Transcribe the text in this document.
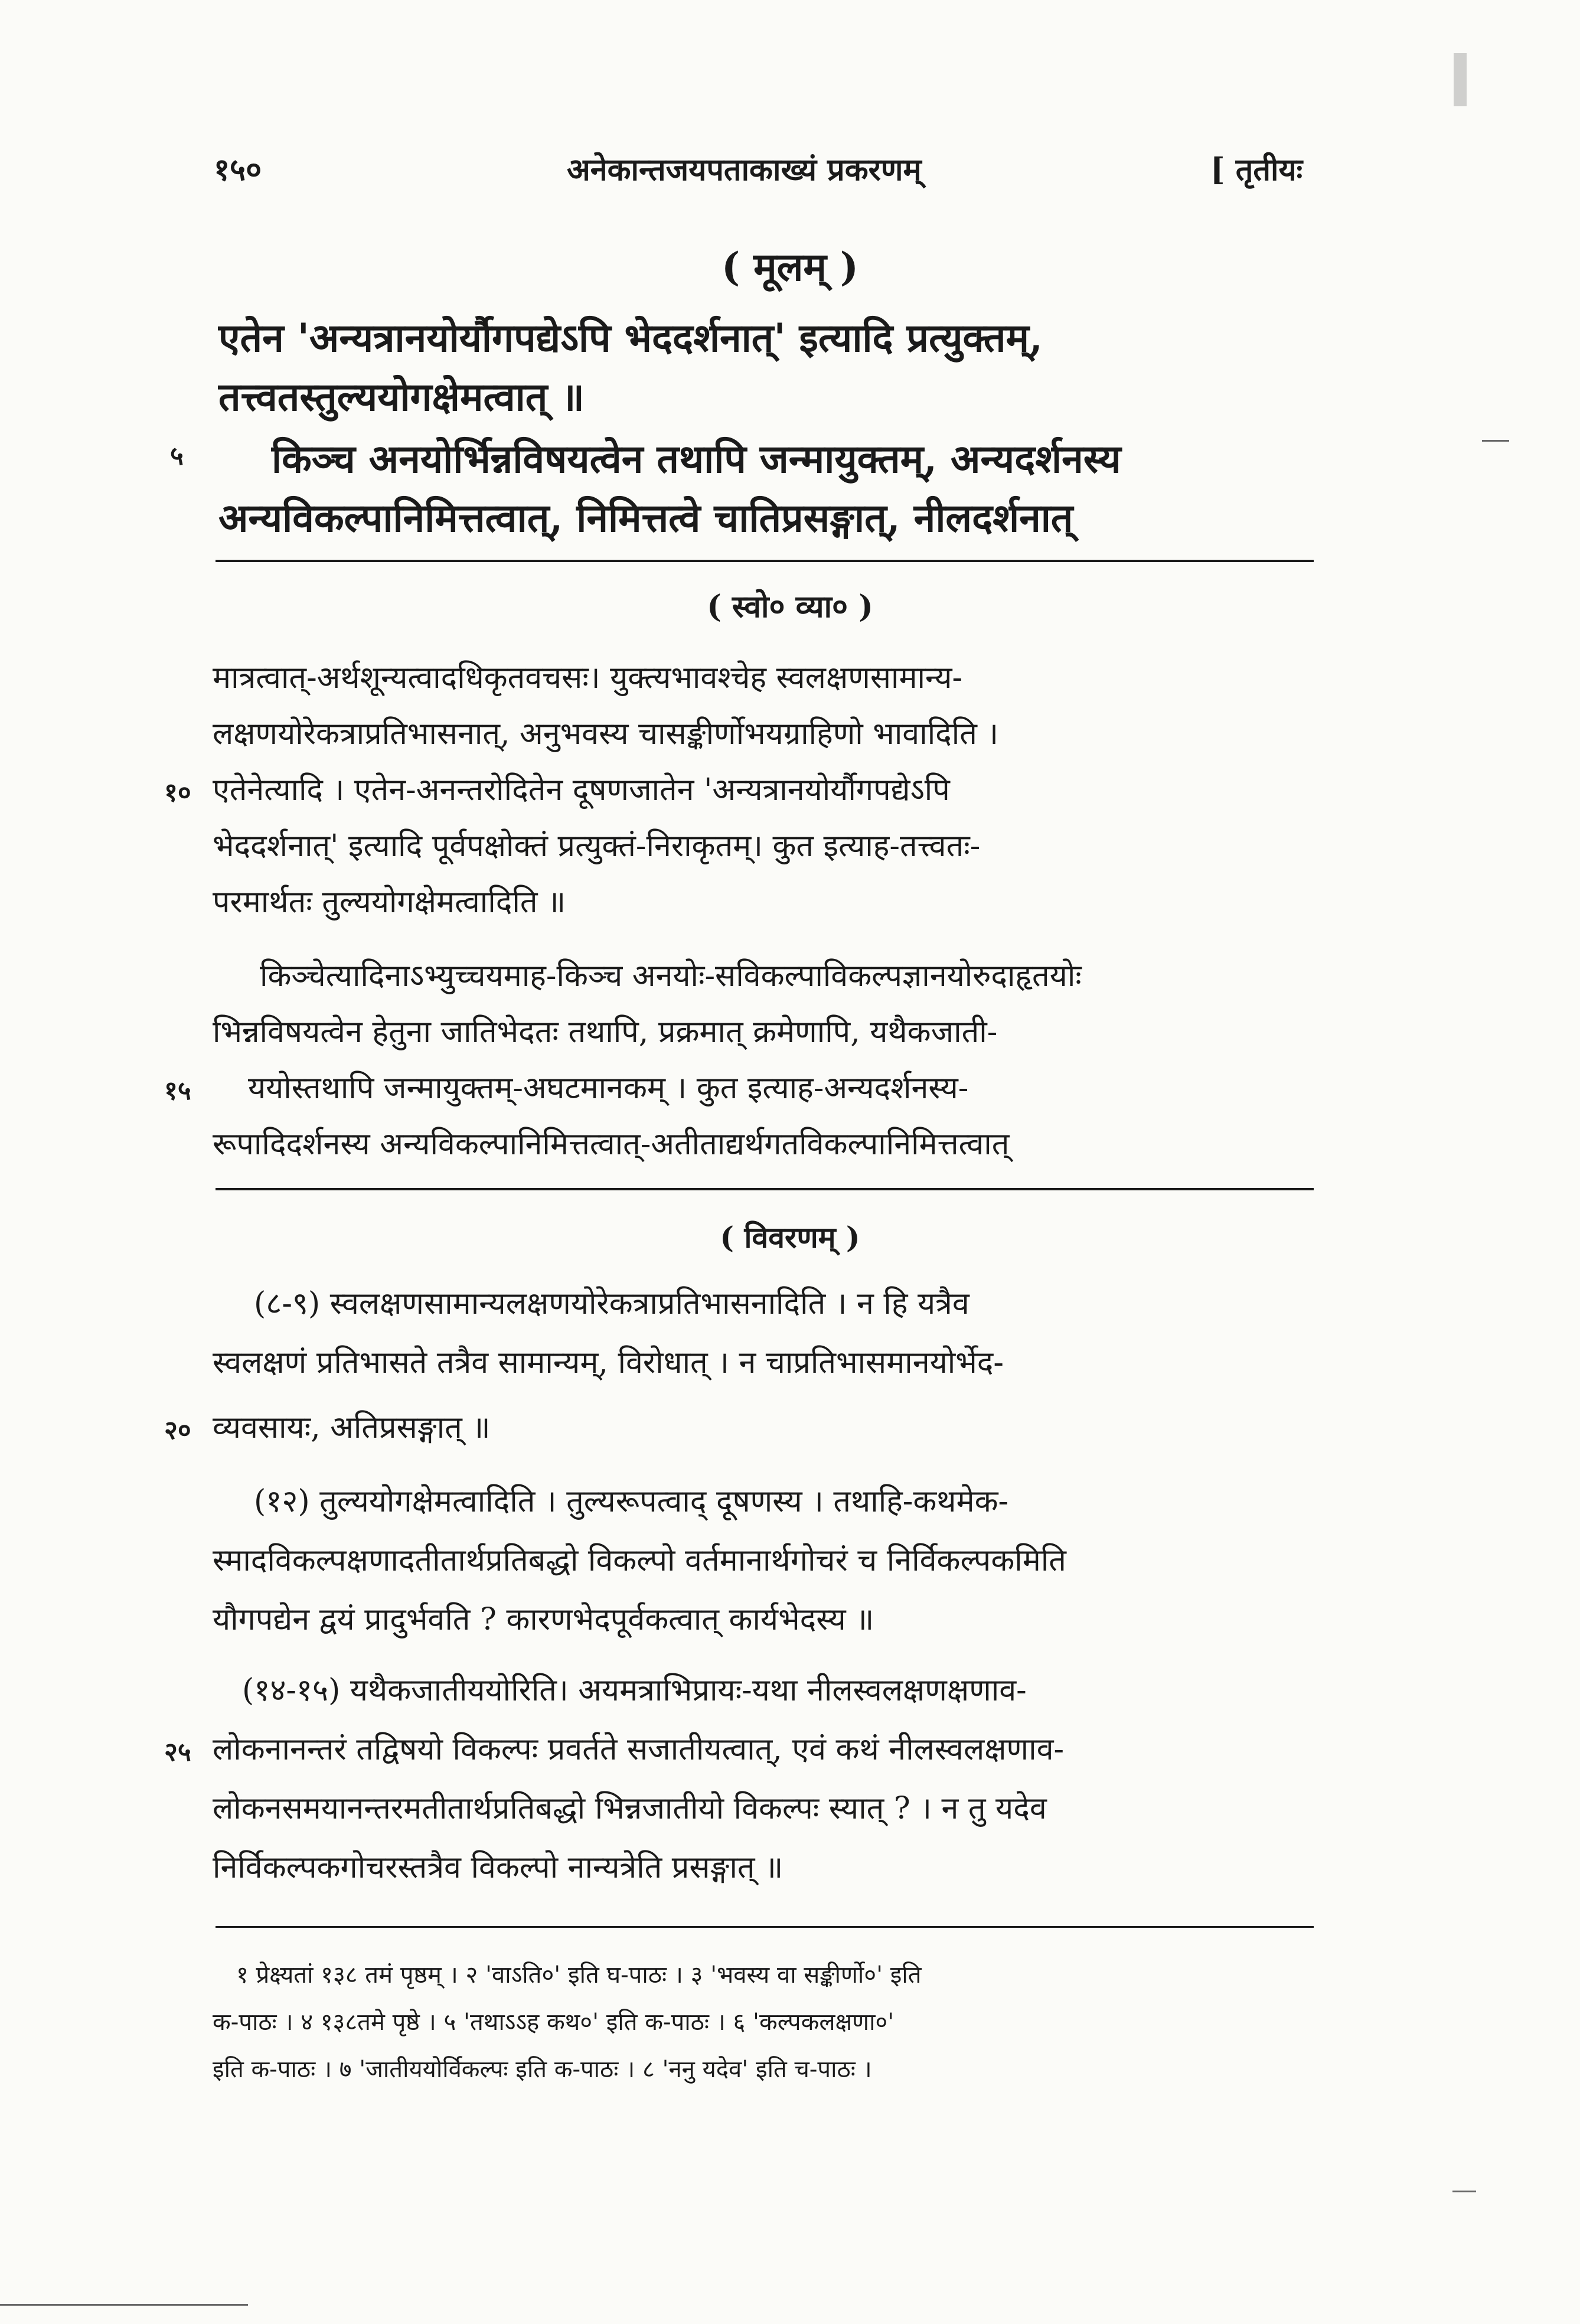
१५०	अनेकान्तजयपताकाख्यं प्रकरणम्	[ तृतीयः
( मूलम् )
एतेन 'अन्यत्रानयोर्यौगपद्येऽपि भेददर्शनात्' इत्यादि प्रत्युक्तम्,
तत्त्वतस्तुल्ययोगक्षेमत्वात् ॥
५ किञ्च अनयोर्भिन्नविषयत्वेन तथापि जन्मायुक्तम्, अन्यदर्शनस्य
अन्यविकल्पानिमित्तत्वात्, निमित्तत्वे चातिप्रसङ्गात्, नीलदर्शनात्
( स्वो० व्या० )
मात्रत्वात्-अर्थशून्यत्वादधिकृतवचसः। युक्त्यभावश्चेह स्वलक्षणसामान्य-
लक्षणयोरेकत्राप्रतिभासनात्, अनुभवस्य चासङ्कीर्णोभयग्राहिणो भावादिति ।
१० एतेनेत्यादि । एतेन-अनन्तरोदितेन दूषणजातेन 'अन्यत्रानयोर्यौगपद्येऽपि
भेददर्शनात्' इत्यादि पूर्वपक्षोक्तं प्रत्युक्तं-निराकृतम्। कुत इत्याह-तत्त्वतः-
परमार्थतः तुल्ययोगक्षेमत्वादिति ॥
किञ्चेत्यादिनाऽभ्युच्चयमाह-किञ्च अनयोः-सविकल्पाविकल्पज्ञानयोरुदाहृतयोः
भिन्नविषयत्वेन हेतुना जातिभेदतः तथापि, प्रक्रमात् क्रमेणापि, यथैकजाती-
१५ ययोस्तथापि जन्मायुक्तम्-अघटमानकम् । कुत इत्याह-अन्यदर्शनस्य-
रूपादिदर्शनस्य अन्यविकल्पानिमित्तत्वात्-अतीताद्यर्थगतविकल्पानिमित्तत्वात्
( विवरणम् )
(८-९) स्वलक्षणसामान्यलक्षणयोरेकत्राप्रतिभासनादिति । न हि यत्रैव
स्वलक्षणं प्रतिभासते तत्रैव सामान्यम्, विरोधात् । न चाप्रतिभासमानयोर्भेद-
२० व्यवसायः, अतिप्रसङ्गात् ॥
(१२) तुल्ययोगक्षेमत्वादिति । तुल्यरूपत्वाद् दूषणस्य । तथाहि-कथमेक-
स्मादविकल्पक्षणादतीतार्थप्रतिबद्धो विकल्पो वर्तमानार्थगोचरं च निर्विकल्पकमिति
यौगपद्येन द्वयं प्रादुर्भवति ? कारणभेदपूर्वकत्वात् कार्यभेदस्य ॥
(१४-१५) यथैकजातीययोरिति। अयमत्राभिप्रायः-यथा नीलस्वलक्षणक्षणाव-
२५ लोकनानन्तरं तद्विषयो विकल्पः प्रवर्तते सजातीयत्वात्, एवं कथं नीलस्वलक्षणाव-
लोकनसमयानन्तरमतीतार्थप्रतिबद्धो भिन्नजातीयो विकल्पः स्यात् ? । न तु यदेव
निर्विकल्पकगोचरस्तत्रैव विकल्पो नान्यत्रेति प्रसङ्गात् ॥
१ प्रेक्ष्यतां १३८ तमं पृष्ठम् । २ 'वाऽति०' इति घ-पाठः । ३ 'भवस्य वा सङ्कीर्णो०' इति
क-पाठः । ४ १३८तमे पृष्ठे । ५ 'तथाऽऽह कथ०' इति क-पाठः । ६ 'कल्पकलक्षणा०'
इति क-पाठः । ७ 'जातीययोर्विकल्पः इति क-पाठः । ८ 'ननु यदेव' इति च-पाठः ।
